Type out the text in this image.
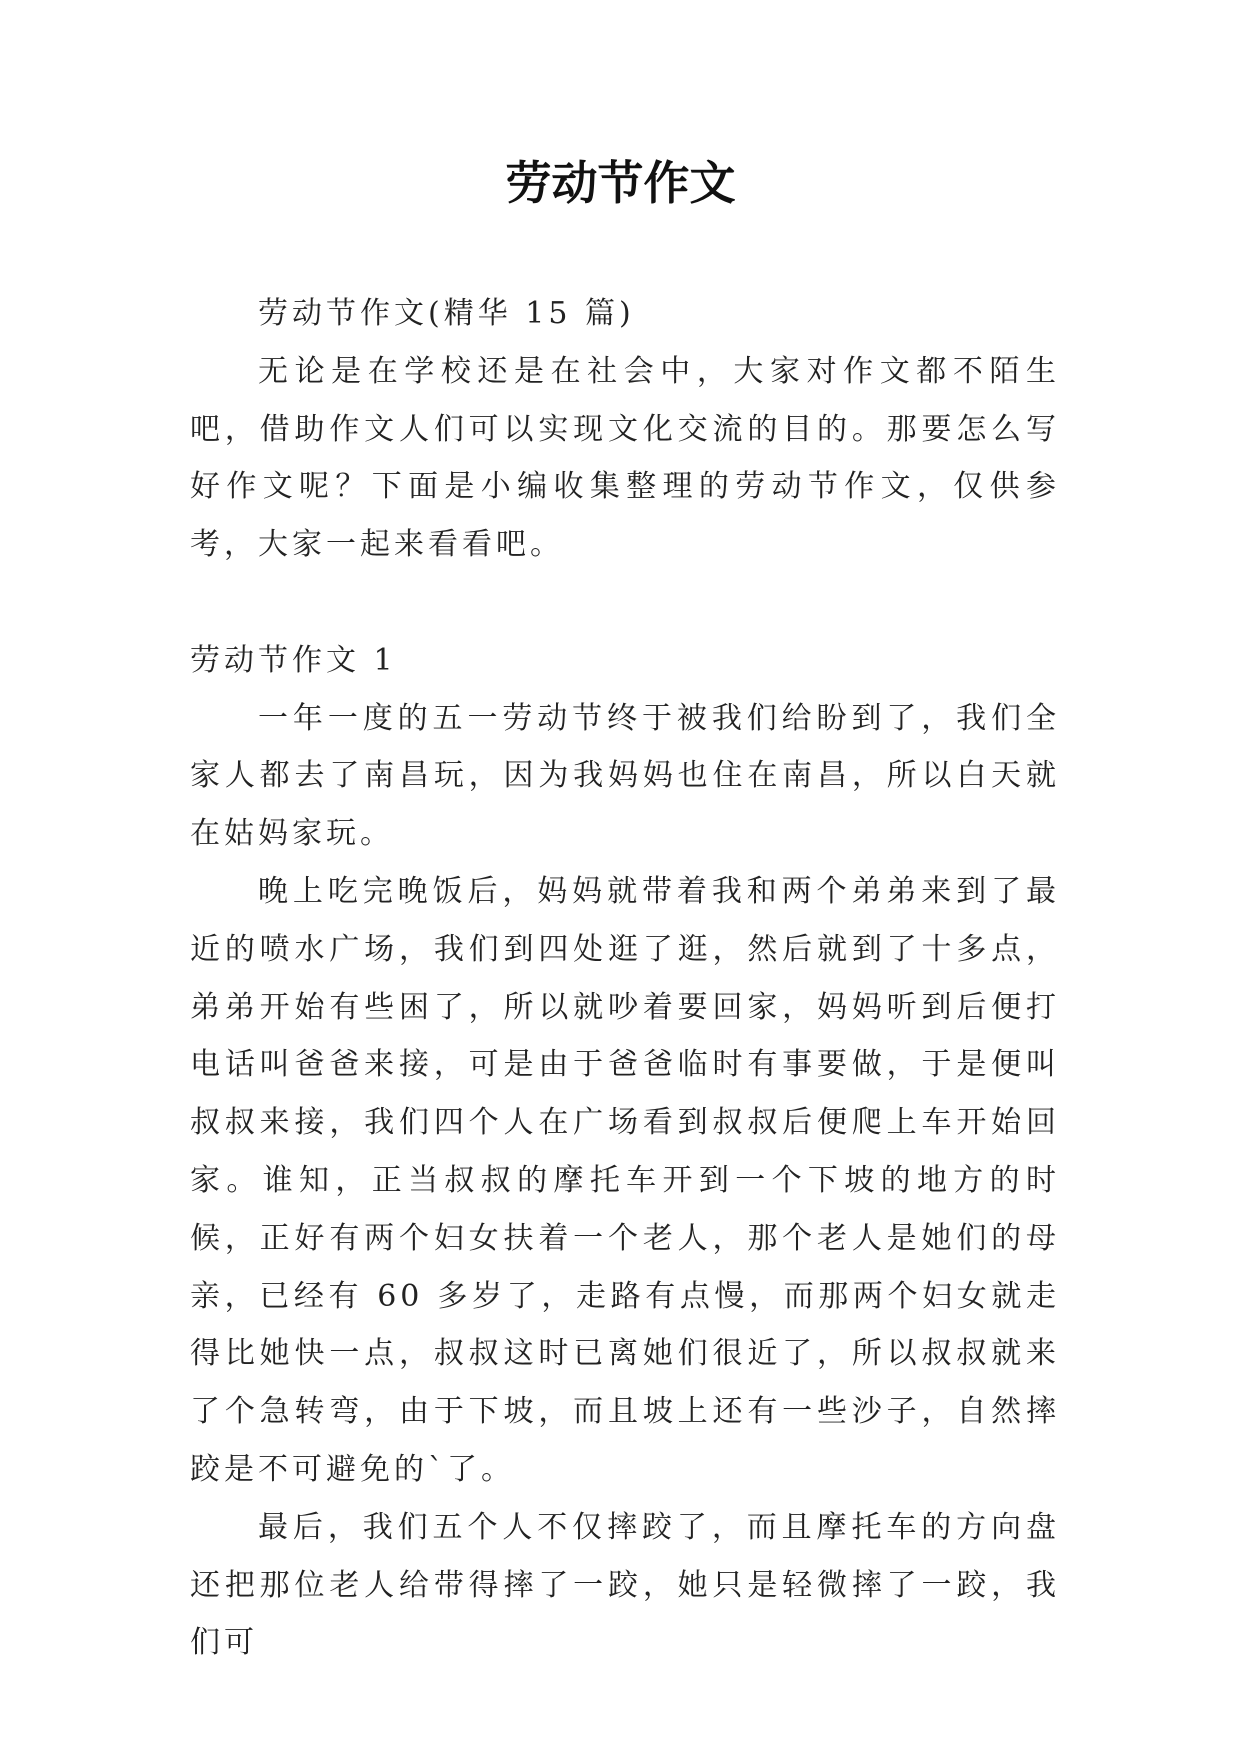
劳动节作文

劳动节作文(精华 15 篇)

无论是在学校还是在社会中，大家对作文都不陌生吧，借助作文人们可以实现文化交流的目的。那要怎么写好作文呢？下面是小编收集整理的劳动节作文，仅供参考，大家一起来看看吧。

劳动节作文 1

一年一度的五一劳动节终于被我们给盼到了，我们全家人都去了南昌玩，因为我妈妈也住在南昌，所以白天就在姑妈家玩。

晚上吃完晚饭后，妈妈就带着我和两个弟弟来到了最近的喷水广场，我们到四处逛了逛，然后就到了十多点，弟弟开始有些困了，所以就吵着要回家，妈妈听到后便打电话叫爸爸来接，可是由于爸爸临时有事要做，于是便叫叔叔来接，我们四个人在广场看到叔叔后便爬上车开始回家。谁知，正当叔叔的摩托车开到一个下坡的地方的时候，正好有两个妇女扶着一个老人，那个老人是她们的母亲，已经有 60 多岁了，走路有点慢，而那两个妇女就走得比她快一点，叔叔这时已离她们很近了，所以叔叔就来了个急转弯，由于下坡，而且坡上还有一些沙子，自然摔跤是不可避免的`了。

最后，我们五个人不仅摔跤了，而且摩托车的方向盘还把那位老人给带得摔了一跤，她只是轻微摔了一跤，我们可
